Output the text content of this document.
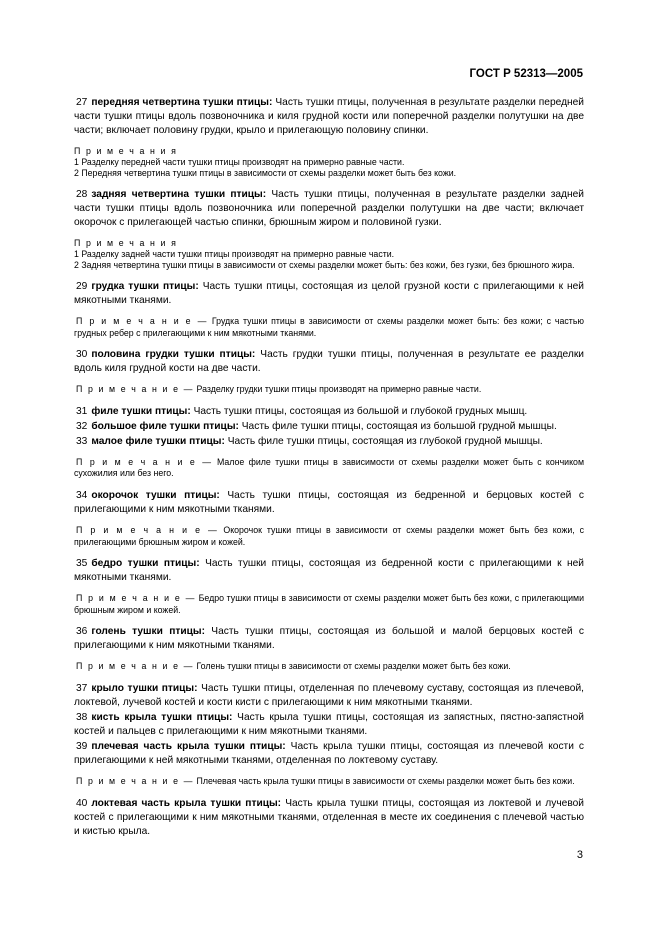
ГОСТ Р 52313—2005

27 передняя четвертина тушки птицы: Часть тушки птицы, полученная в результате разделки передней части тушки птицы вдоль позвоночника и киля грудной кости или поперечной разделки полутушки на две части; включает половину грудки, крыло и прилегающую половину спинки.

П р и м е ч а н и я
1 Разделку передней части тушки птицы производят на примерно равные части.
2 Передняя четвертина тушки птицы в зависимости от схемы разделки может быть без кожи.

28 задняя четвертина тушки птицы: Часть тушки птицы, полученная в результате разделки задней части тушки птицы вдоль позвоночника или поперечной разделки полутушки на две части; включает окорочок с прилегающей частью спинки, брюшным жиром и половиной гузки.

П р и м е ч а н и я
1 Разделку задней части тушки птицы производят на примерно равные части.
2 Задняя четвертина тушки птицы в зависимости от схемы разделки может быть: без кожи, без гузки, без брюшного жира.

29 грудка тушки птицы: Часть тушки птицы, состоящая из целой грузной кости с прилегающими к ней мякотными тканями.

П р и м е ч а н и е — Грудка тушки птицы в зависимости от схемы разделки может быть: без кожи; с частью грудных ребер с прилегающими к ним мякотными тканями.

30 половина грудки тушки птицы: Часть грудки тушки птицы, полученная в результате ее разделки вдоль киля грудной кости на две части.

П р и м е ч а н и е — Разделку грудки тушки птицы производят на примерно равные части.

31 филе тушки птицы: Часть тушки птицы, состоящая из большой и глубокой грудных мышц.

32 большое филе тушки птицы: Часть филе тушки птицы, состоящая из большой грудной мышцы.

33 малое филе тушки птицы: Часть филе тушки птицы, состоящая из глубокой грудной мышцы.

П р и м е ч а н и е — Малое филе тушки птицы в зависимости от схемы разделки может быть с кончиком сухожилия или без него.

34 окорочок тушки птицы: Часть тушки птицы, состоящая из бедренной и берцовых костей с прилегающими к ним мякотными тканями.

П р и м е ч а н и е — Окорочок тушки птицы в зависимости от схемы разделки может быть без кожи, с прилегающими брюшным жиром и кожей.

35 бедро тушки птицы: Часть тушки птицы, состоящая из бедренной кости с прилегающими к ней мякотными тканями.

П р и м е ч а н и е — Бедро тушки птицы в зависимости от схемы разделки может быть без кожи, с прилегающими брюшным жиром и кожей.

36 голень тушки птицы: Часть тушки птицы, состоящая из большой и малой берцовых костей с прилегающими к ним мякотными тканями.

П р и м е ч а н и е — Голень тушки птицы в зависимости от схемы разделки может быть без кожи.

37 крыло тушки птицы: Часть тушки птицы, отделенная по плечевому суставу, состоящая из плечевой, локтевой, лучевой костей и кости кисти с прилегающими к ним мякотными тканями.

38 кисть крыла тушки птицы: Часть крыла тушки птицы, состоящая из запястных, пястно-запястной костей и пальцев с прилегающими к ним мякотными тканями.

39 плечевая часть крыла тушки птицы: Часть крыла тушки птицы, состоящая из плечевой кости с прилегающими к ней мякотными тканями, отделенная по локтевому суставу.

П р и м е ч а н и е — Плечевая часть крыла тушки птицы в зависимости от схемы разделки может быть без кожи.

40 локтевая часть крыла тушки птицы: Часть крыла тушки птицы, состоящая из локтевой и лучевой костей с прилегающими к ним мякотными тканями, отделенная в месте их соединения с плечевой частью и кистью крыла.

3
